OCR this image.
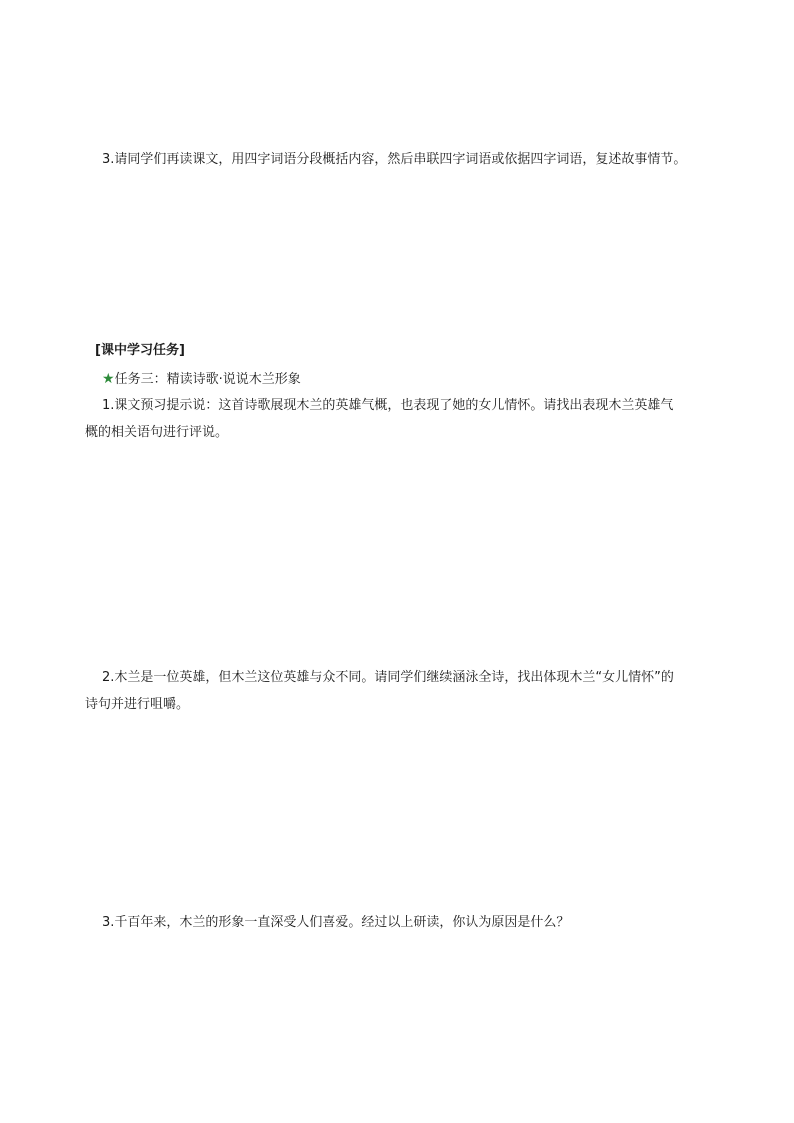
3.请同学们再读课文，用四字词语分段概括内容，然后串联四字词语或依据四字词语，复述故事情节。
[课中学习任务]
★任务三：精读诗歌·说说木兰形象
1.课文预习提示说：这首诗歌展现木兰的英雄气概，也表现了她的女儿情怀。请找出表现木兰英雄气
概的相关语句进行评说。
2.木兰是一位英雄，但木兰这位英雄与众不同。请同学们继续涵泳全诗，找出体现木兰“女儿情怀”的
诗句并进行咀嚼。
3.千百年来，木兰的形象一直深受人们喜爱。经过以上研读，你认为原因是什么？
